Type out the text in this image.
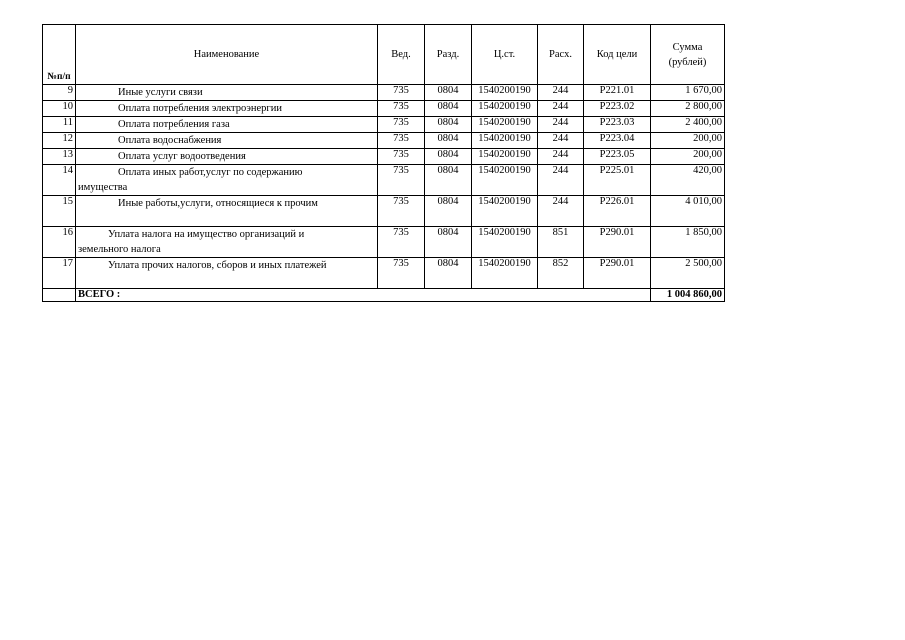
№п/п	Наименование	Вед.	Разд.	Ц.ст.	Расх.	Код цели	Сумма
(рублей)
9	Иные услуги связи	735	0804	1540200190	244	P221.01	1 670,00
10	Оплата потребления электроэнергии	735	0804	1540200190	244	P223.02	2 800,00
11	Оплата потребления газа	735	0804	1540200190	244	P223.03	2 400,00
12	Оплата водоснабжения	735	0804	1540200190	244	P223.04	200,00
13	Оплата услуг водоотведения	735	0804	1540200190	244	P223.05	200,00
14	Оплата иных работ,услуг по содержанию
имущества	735	0804	1540200190	244	P225.01	420,00
15	Иные работы,услуги, относящиеся к прочим	735	0804	1540200190	244	P226.01	4 010,00
16	Уплата налога на имущество организаций и
земельного налога	735	0804	1540200190	851	P290.01	1 850,00
17	Уплата прочих налогов, сборов и иных платежей	735	0804	1540200190	852	P290.01	2 500,00
	ВСЕГО :						1 004 860,00
